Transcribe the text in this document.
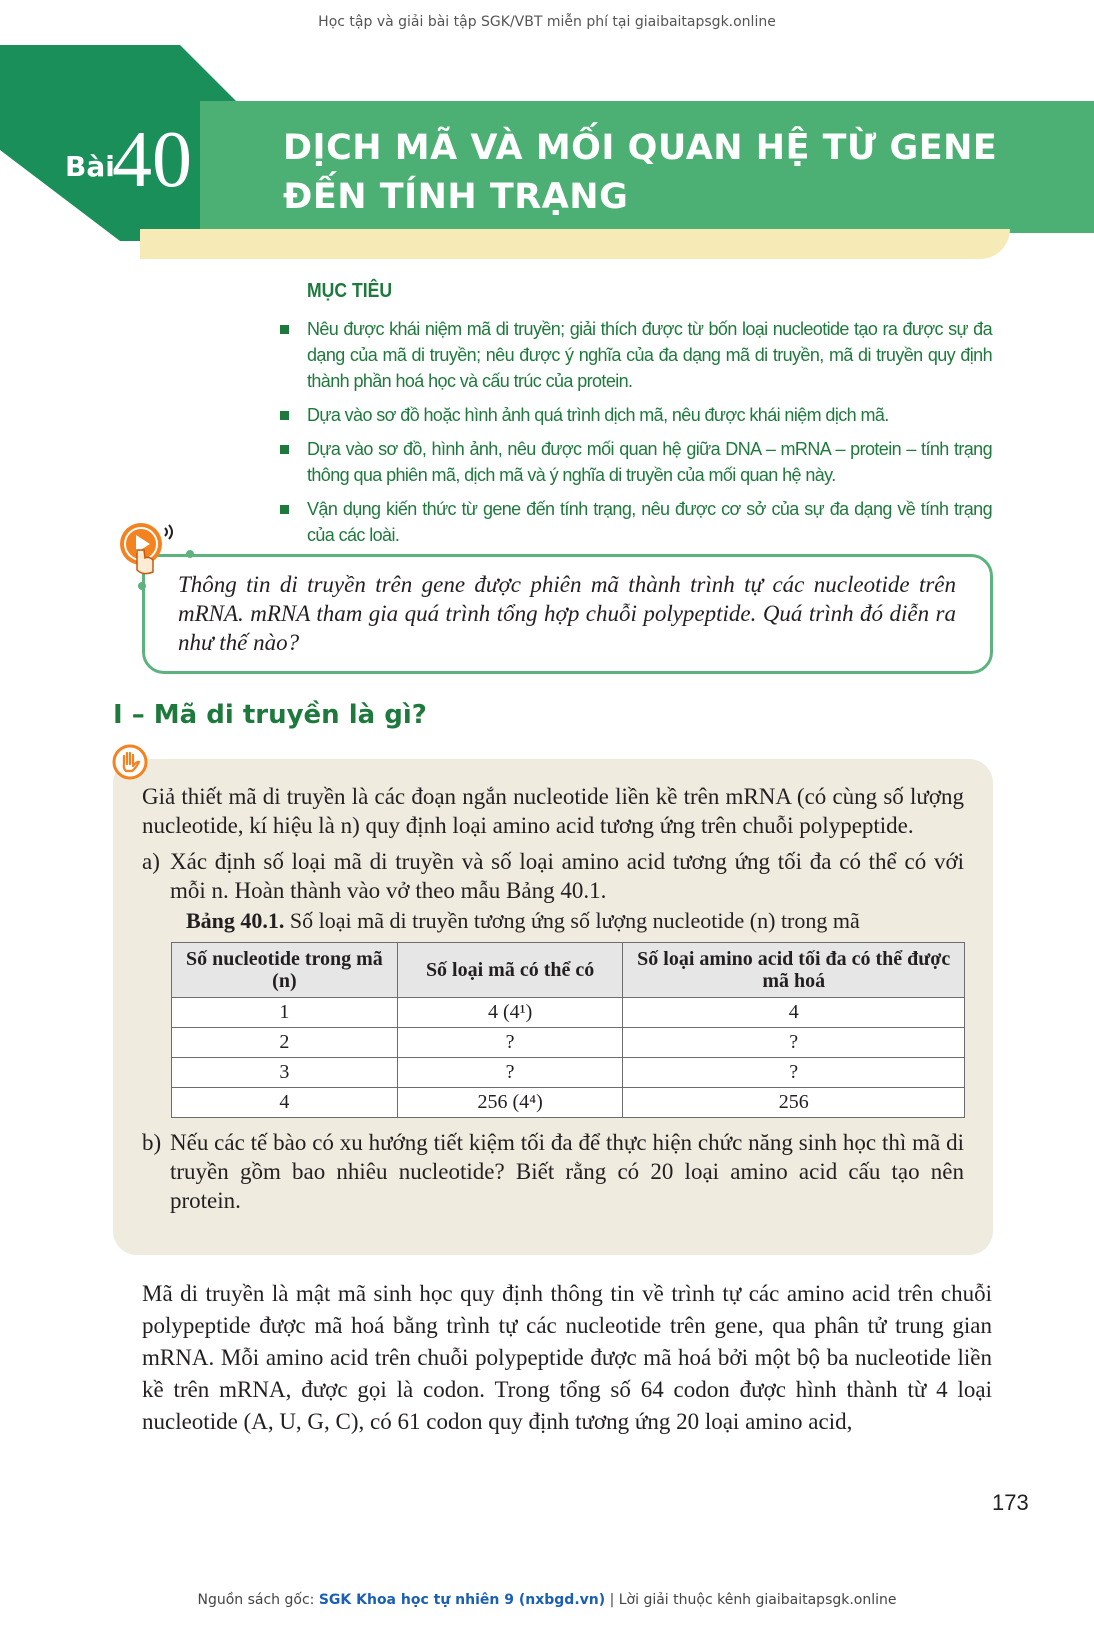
Học tập và giải bài tập SGK/VBT miễn phí tại giaibaitapsgk.online
Bài
40	DỊCH MÃ VÀ MỐI QUAN HỆ TỪ GENE
ĐẾN TÍNH TRẠNG
MỤC TIÊU
Nêu được khái niệm mã di truyền; giải thích được từ bốn loại nucleotide tạo ra được sự đa dạng của mã di truyền; nêu được ý nghĩa của đa dạng mã di truyền, mã di truyền quy định thành phần hoá học và cấu trúc của protein.
Dựa vào sơ đồ hoặc hình ảnh quá trình dịch mã, nêu được khái niệm dịch mã.
Dựa vào sơ đồ, hình ảnh, nêu được mối quan hệ giữa DNA – mRNA – protein – tính trạng thông qua phiên mã, dịch mã và ý nghĩa di truyền của mối quan hệ này.
Vận dụng kiến thức từ gene đến tính trạng, nêu được cơ sở của sự đa dạng về tính trạng của các loài.
Thông tin di truyền trên gene được phiên mã thành trình tự các nucleotide trên mRNA. mRNA tham gia quá trình tổng hợp chuỗi polypeptide. Quá trình đó diễn ra như thế nào?
I – Mã di truyền là gì?
Giả thiết mã di truyền là các đoạn ngắn nucleotide liền kề trên mRNA (có cùng số lượng nucleotide, kí hiệu là n) quy định loại amino acid tương ứng trên chuỗi polypeptide.
a) Xác định số loại mã di truyền và số loại amino acid tương ứng tối đa có thể có với mỗi n. Hoàn thành vào vở theo mẫu Bảng 40.1.
Bảng 40.1. Số loại mã di truyền tương ứng số lượng nucleotide (n) trong mã
Số nucleotide trong mã (n)	Số loại mã có thể có	Số loại amino acid tối đa có thể được mã hoá
1	4 (4¹)	4
2	?	?
3	?	?
4	256 (4⁴)	256
b) Nếu các tế bào có xu hướng tiết kiệm tối đa để thực hiện chức năng sinh học thì mã di truyền gồm bao nhiêu nucleotide? Biết rằng có 20 loại amino acid cấu tạo nên protein.
Mã di truyền là mật mã sinh học quy định thông tin về trình tự các amino acid trên chuỗi polypeptide được mã hoá bằng trình tự các nucleotide trên gene, qua phân tử trung gian mRNA. Mỗi amino acid trên chuỗi polypeptide được mã hoá bởi một bộ ba nucleotide liền kề trên mRNA, được gọi là codon. Trong tổng số 64 codon được hình thành từ 4 loại nucleotide (A, U, G, C), có 61 codon quy định tương ứng 20 loại amino acid,
173
Nguồn sách gốc: SGK Khoa học tự nhiên 9 (nxbgd.vn) | Lời giải thuộc kênh giaibaitapsgk.online
